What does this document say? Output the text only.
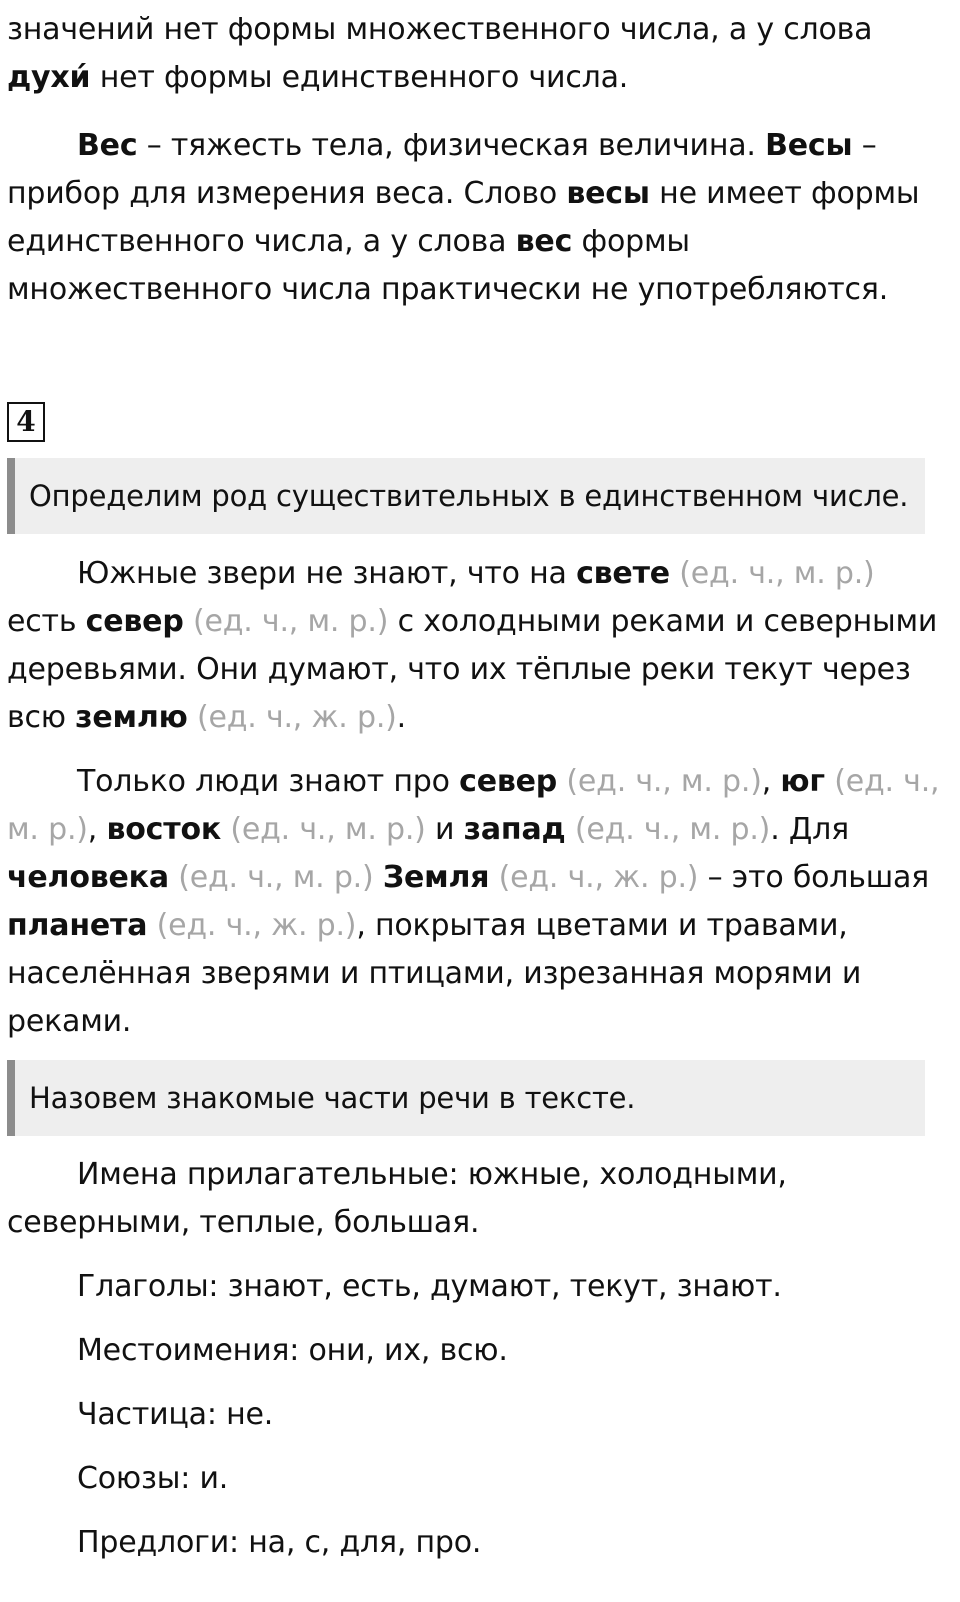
значений нет формы множественного числа, а у слова духи́ нет формы единственного числа.

Вес – тяжесть тела, физическая величина. Весы – прибор для измерения веса. Слово весы не имеет формы единственного числа, а у слова вес формы множественного числа практически не употребляются.

4
Определим род существительных в единственном числе.

Южные звери не знают, что на свете (ед. ч., м. р.) есть север (ед. ч., м. р.) с холодными реками и северными деревьями. Они думают, что их тёплые реки текут через всю землю (ед. ч., ж. р.).

Только люди знают про север (ед. ч., м. р.), юг (ед. ч., м. р.), восток (ед. ч., м. р.) и запад (ед. ч., м. р.). Для человека (ед. ч., м. р.) Земля (ед. ч., ж. р.) – это большая планета (ед. ч., ж. р.), покрытая цветами и травами, населённая зверями и птицами, изрезанная морями и реками.

Назовем знакомые части речи в тексте.

Имена прилагательные: южные, холодными, северными, теплые, большая.

Глаголы: знают, есть, думают, текут, знают.
Местоимения: они, их, всю.
Частица: не.
Союзы: и.
Предлоги: на, с, для, про.
